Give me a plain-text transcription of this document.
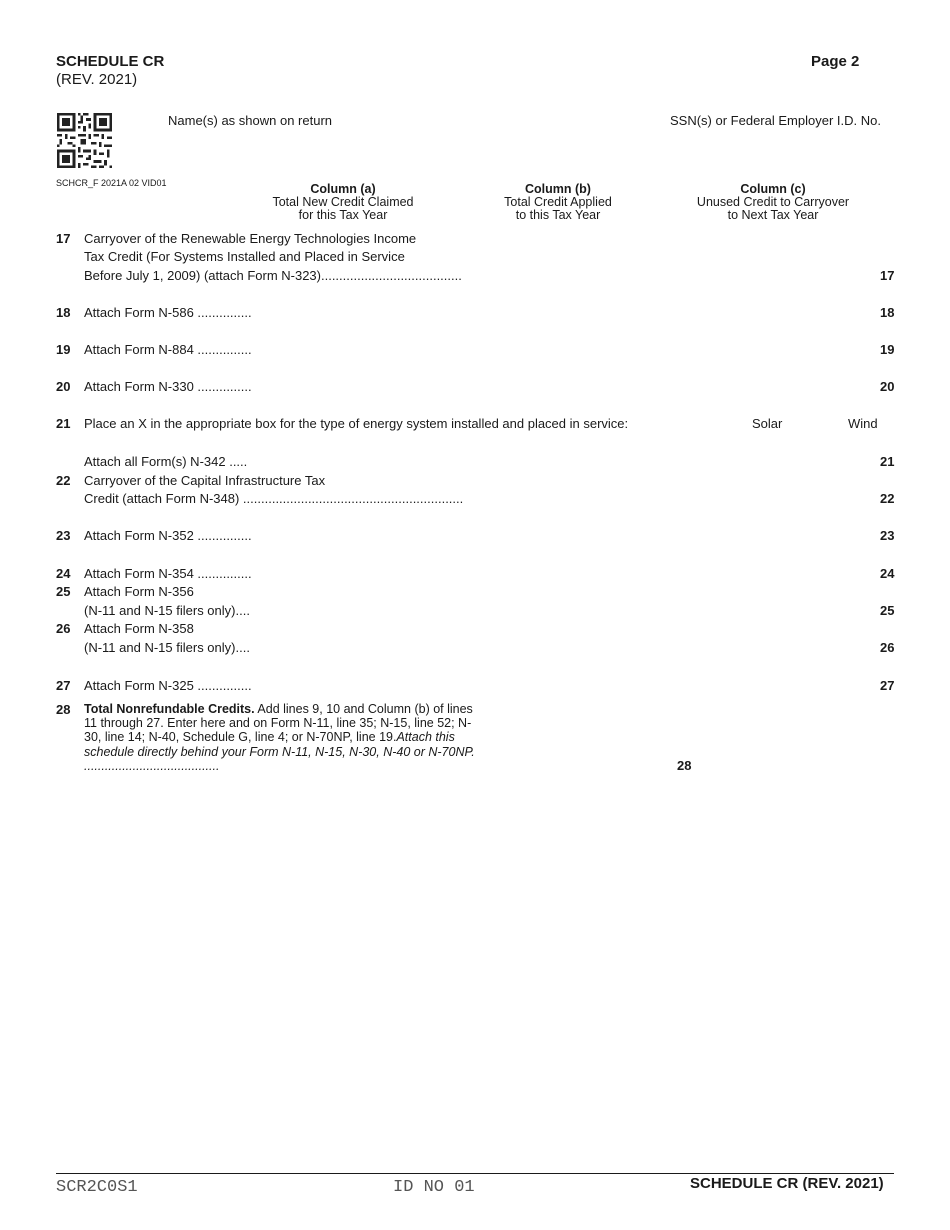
SCHEDULE CR
(REV. 2021)
Page 2
Name(s) as shown on return	SSN(s) or Federal Employer I.D. No.
SCHCR_F 2021A 02 VID01	Column (a)
Total New Credit Claimed
for this Tax Year
Column (b)
Total Credit Applied
to this Tax Year
Column (c)
Unused Credit to Carryover
to Next Tax Year
17 Carryover of the Renewable Energy Technologies Income
Tax Credit (For Systems Installed and Placed in Service
Before July 1, 2009) (attach Form N-323).......................................	17
18 Attach Form N-586 ...............	18
19 Attach Form N-884 ...............	19
20 Attach Form N-330 ...............	20
21 Place an X in the appropriate box for the type of energy system installed and placed in service:	Solar	Wind
Attach all Form(s) N-342 .....	21
22 Carryover of the Capital Infrastructure Tax
Credit (attach Form N-348) .............................................................	22
23 Attach Form N-352 ...............	23
24 Attach Form N-354 ...............	24
25 Attach Form N-356
(N-11 and N-15 filers only)....	25
26 Attach Form N-358
(N-11 and N-15 filers only)....	26
27 Attach Form N-325 ...............	27
28 Total Nonrefundable Credits. Add lines 9, 10 and Column (b) of lines 11 through 27. Enter here and on Form N-11, line 35; N-15, line 52; N-30, line 14; N-40, Schedule G, line 4; or N-70NP, line 19.Attach this schedule directly behind your Form N-11, N-15, N-30, N-40 or N-70NP. .......................................	28
SCR2C0S1	ID NO 01	SCHEDULE CR (REV. 2021)
